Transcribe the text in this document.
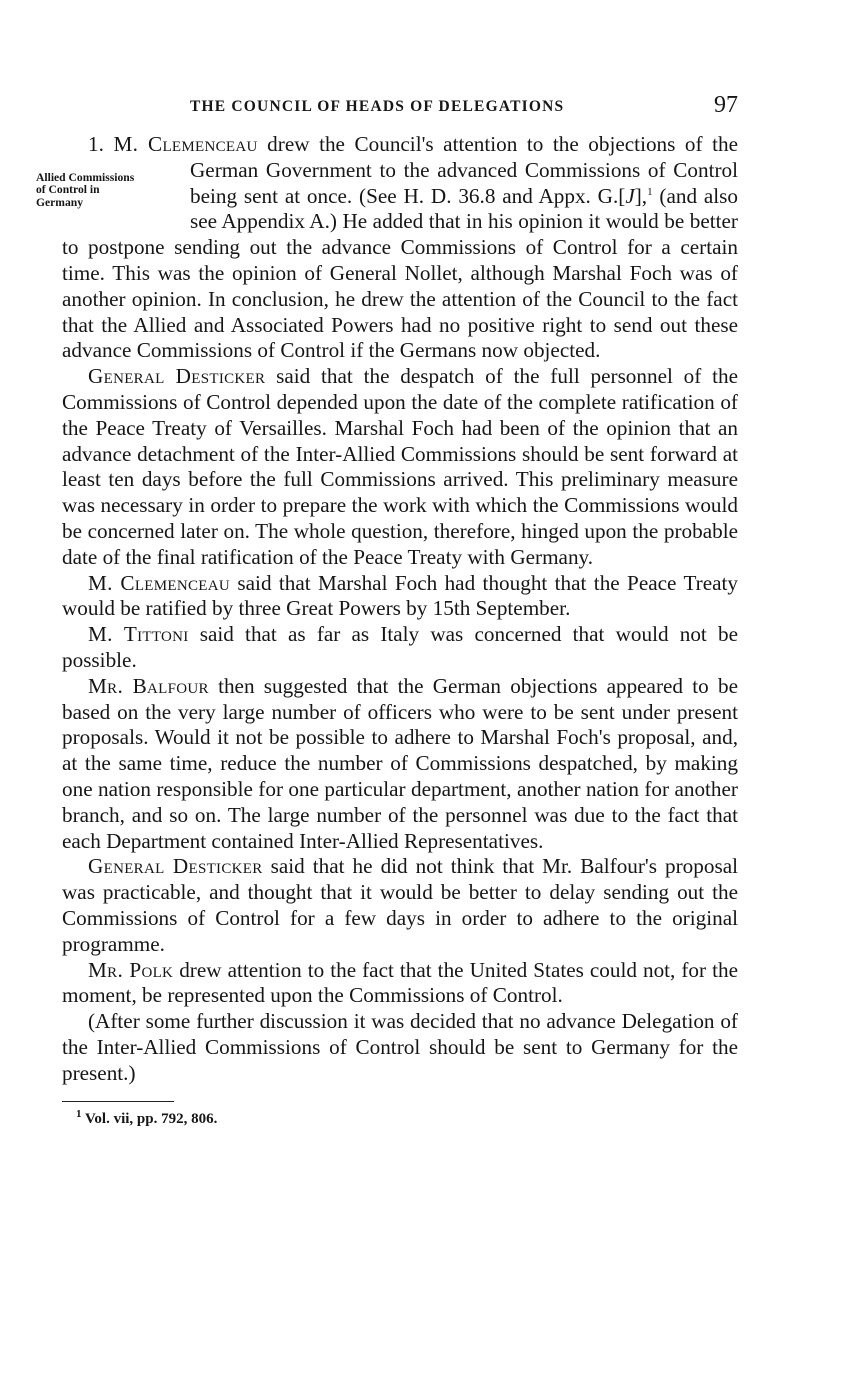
THE COUNCIL OF HEADS OF DELEGATIONS	97

1. M. Clemenceau drew the Council's attention to the objections of the German Government to the advanced Commissions of Control
Allied Commissions
of Control in
Germany	being sent at once. (See H. D. 36.8 and Appx. G.[J],$^1$ (and also see Appendix A.) He added that in his opinion it would be better to postpone sending out the advance Commissions of Control for a certain time. This was the opinion of General Nollet, although Marshal Foch was of another opinion. In conclusion, he drew the attention of the Council to the fact that the Allied and Associated Powers had no positive right to send out these advance Commissions of Control if the Germans now objected.

General Desticker said that the despatch of the full personnel of the Commissions of Control depended upon the date of the complete ratification of the Peace Treaty of Versailles. Marshal Foch had been of the opinion that an advance detachment of the Inter-Allied Commissions should be sent forward at least ten days before the full Commissions arrived. This preliminary measure was necessary in order to prepare the work with which the Commissions would be concerned later on. The whole question, therefore, hinged upon the probable date of the final ratification of the Peace Treaty with Germany.

M. Clemenceau said that Marshal Foch had thought that the Peace Treaty would be ratified by three Great Powers by 15th September.

M. Tittoni said that as far as Italy was concerned that would not be possible.

Mr. Balfour then suggested that the German objections appeared to be based on the very large number of officers who were to be sent under present proposals. Would it not be possible to adhere to Marshal Foch's proposal, and, at the same time, reduce the number of Commissions despatched, by making one nation responsible for one particular department, another nation for another branch, and so on. The large number of the personnel was due to the fact that each Department contained Inter-Allied Representatives.

General Desticker said that he did not think that Mr. Balfour's proposal was practicable, and thought that it would be better to delay sending out the Commissions of Control for a few days in order to adhere to the original programme.

Mr. Polk drew attention to the fact that the United States could not, for the moment, be represented upon the Commissions of Control.

(After some further discussion it was decided that no advance Delegation of the Inter-Allied Commissions of Control should be sent to Germany for the present.)

$^1$ Vol. vii, pp. 792, 806.
